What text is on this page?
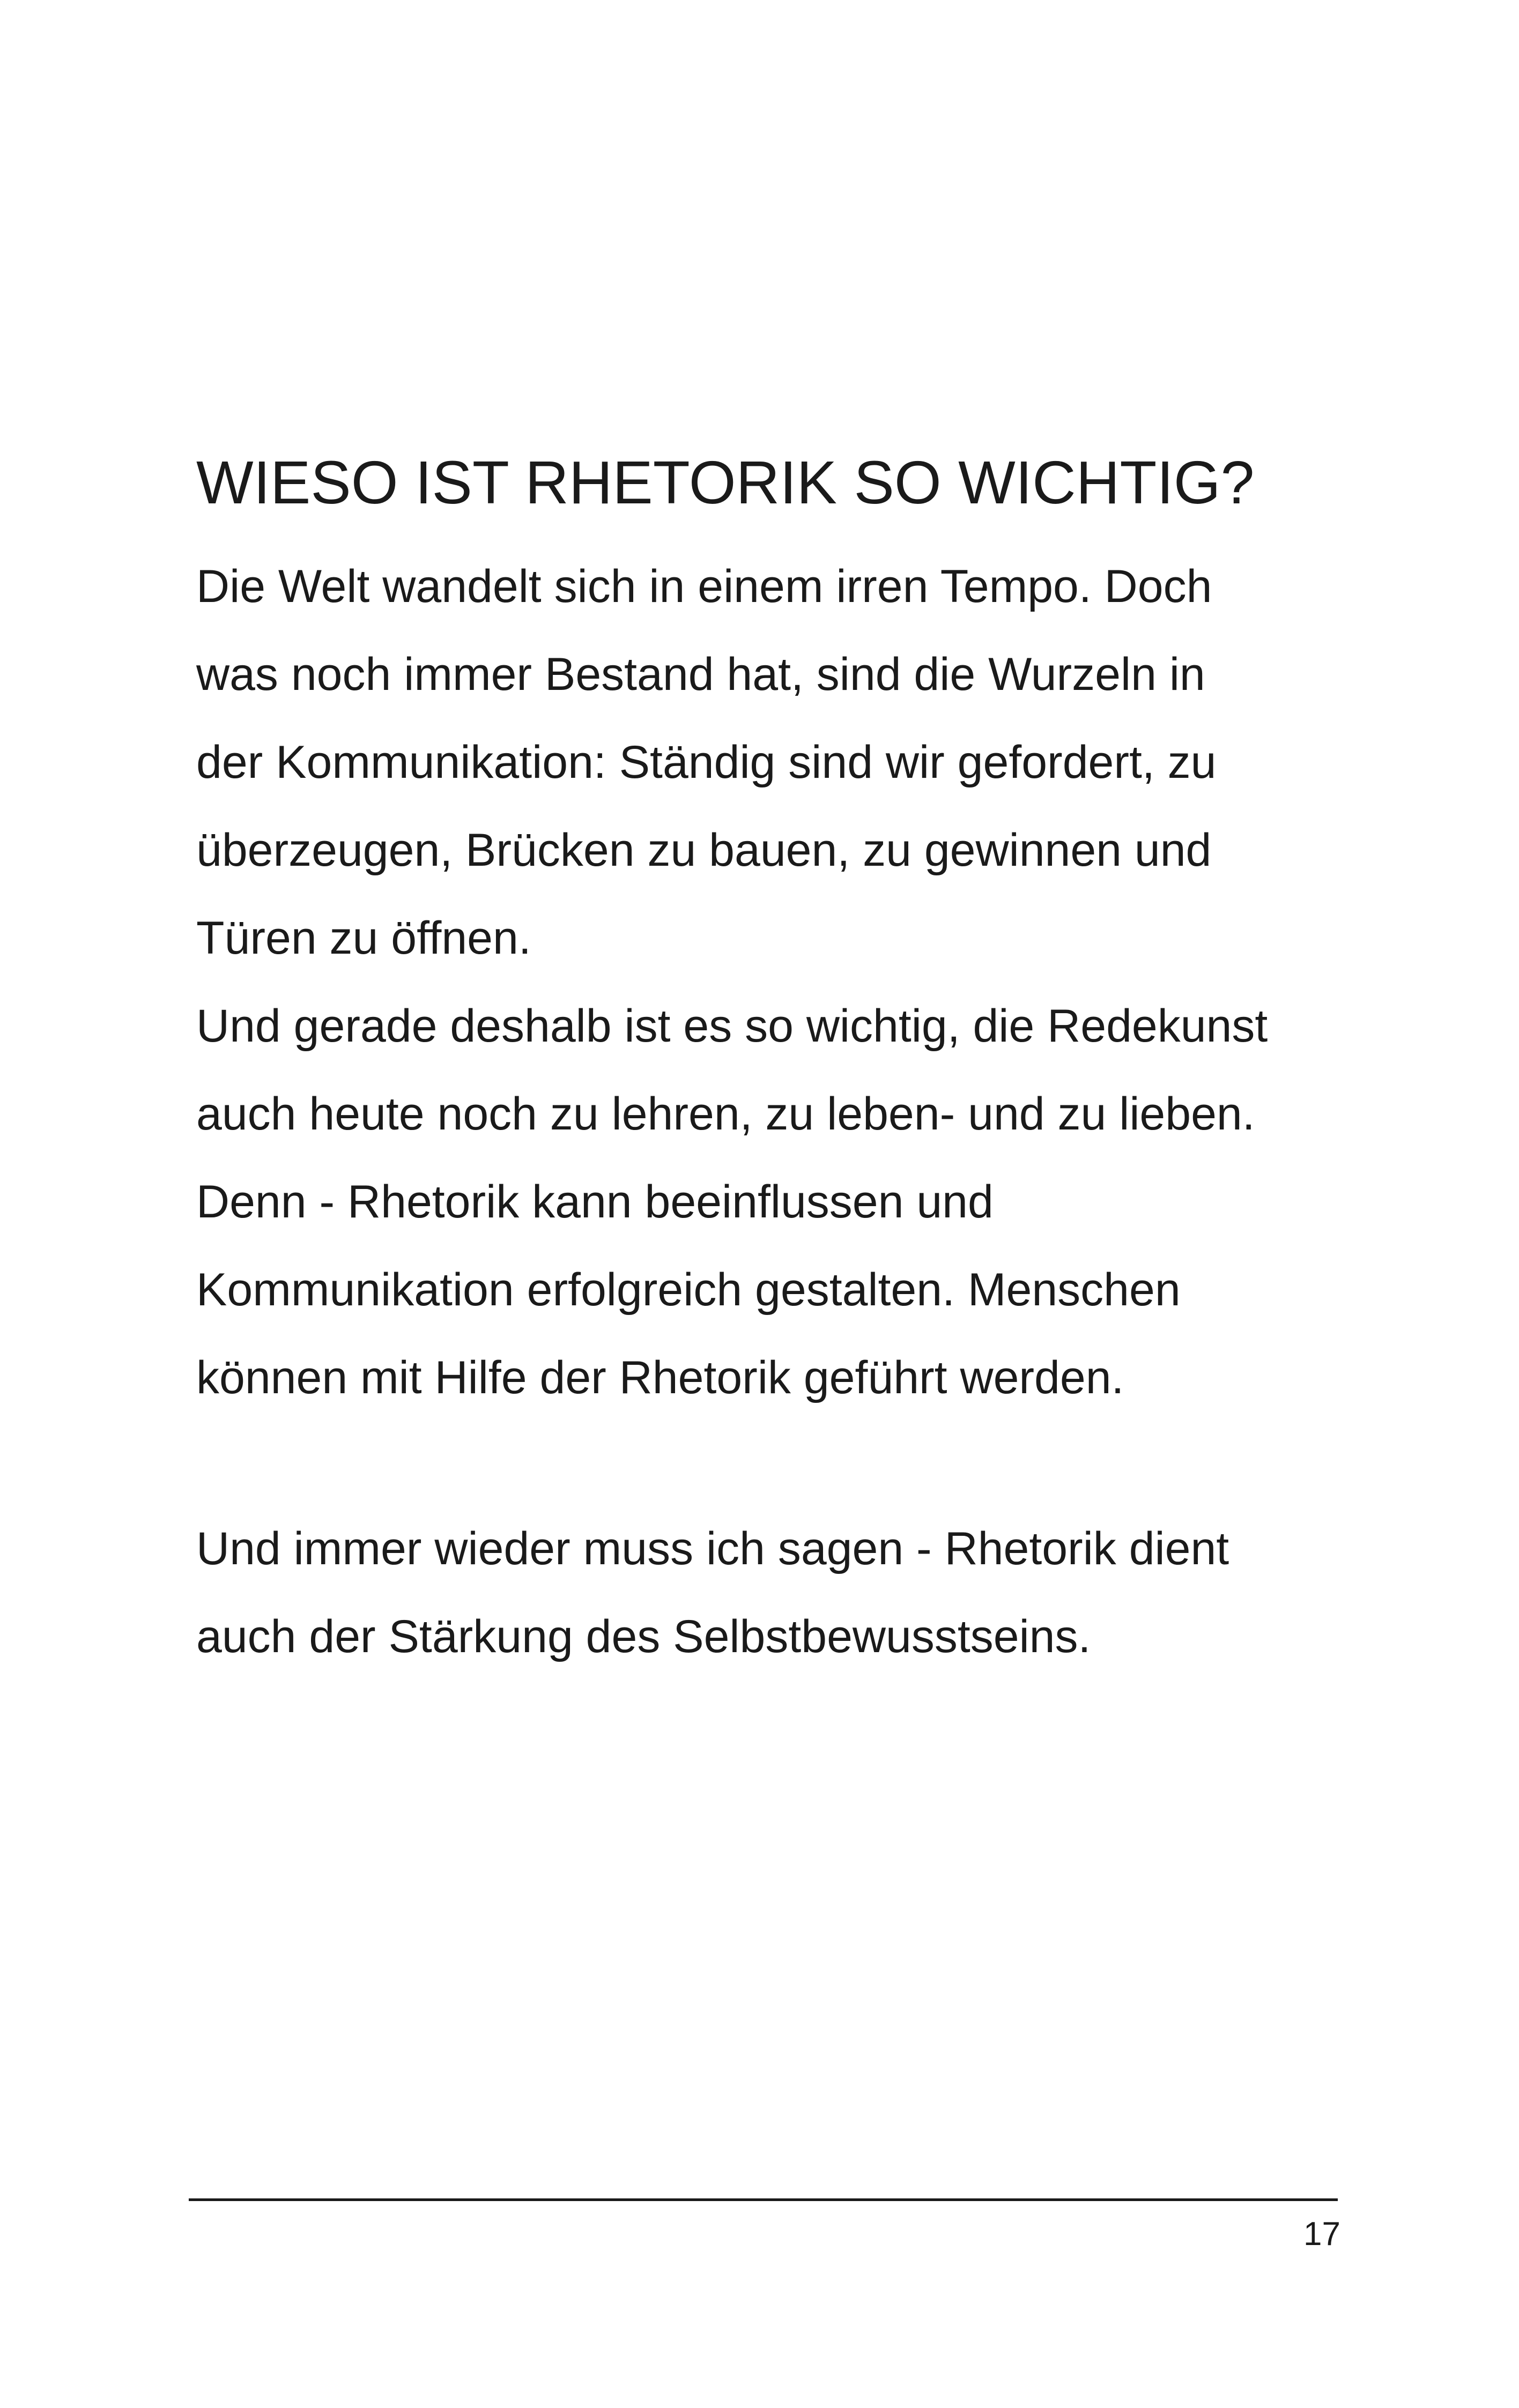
WIESO IST RHETORIK SO WICHTIG?
Die Welt wandelt sich in einem irren Tempo. Doch
was noch immer Bestand hat, sind die Wurzeln in
der Kommunikation: Ständig sind wir gefordert, zu
überzeugen, Brücken zu bauen, zu gewinnen und
Türen zu öffnen.
Und gerade deshalb ist es so wichtig, die Redekunst
auch heute noch zu lehren, zu leben- und zu lieben.
Denn - Rhetorik kann beeinflussen und
Kommunikation erfolgreich gestalten. Menschen
können mit Hilfe der Rhetorik geführt werden.
Und immer wieder muss ich sagen - Rhetorik dient
auch der Stärkung des Selbstbewusstseins.
17
